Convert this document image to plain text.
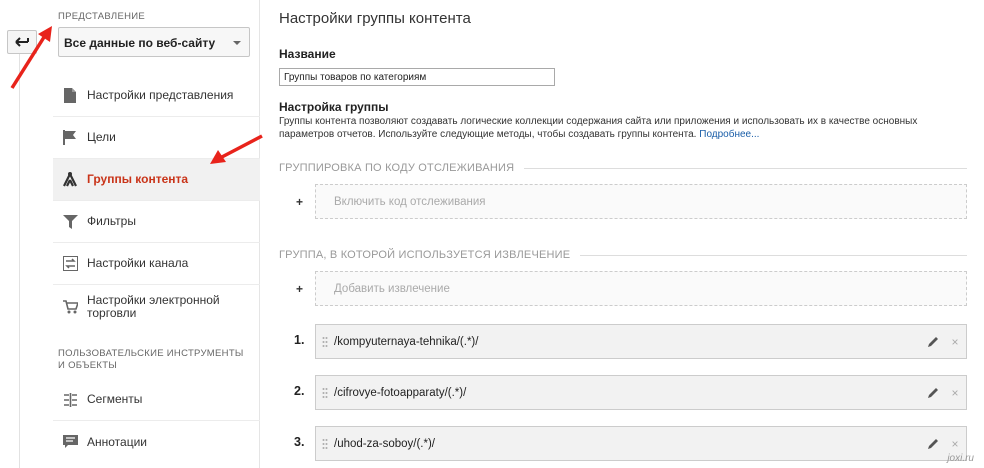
ПРЕДСТАВЛЕНИЕ
Все данные по веб-сайту
Настройки представления
Цели
Группы контента
Фильтры
Настройки канала
Настройки электронной торговли
ПОЛЬЗОВАТЕЛЬСКИЕ ИНСТРУМЕНТЫ И ОБЪЕКТЫ
Сегменты
Аннотации
Настройки группы контента
Название
Группы товаров по категориям
Настройка группы
Группы контента позволяют создавать логические коллекции содержания сайта или приложения и использовать их в качестве основных параметров отчетов. Используйте следующие методы, чтобы создавать группы контента. Подробнее...
ГРУППИРОВКА ПО КОДУ ОТСЛЕЖИВАНИЯ
+	Включить код отслеживания
ГРУППА, В КОТОРОЙ ИСПОЛЬЗУЕТСЯ ИЗВЛЕЧЕНИЕ
+	Добавить извлечение
1.	/kompyuternaya-tehnika/(.*)/	×
2.	/cifrovye-fotoapparaty/(.*)/	×
3.	/uhod-za-soboy/(.*)/	×
joxi.ru
